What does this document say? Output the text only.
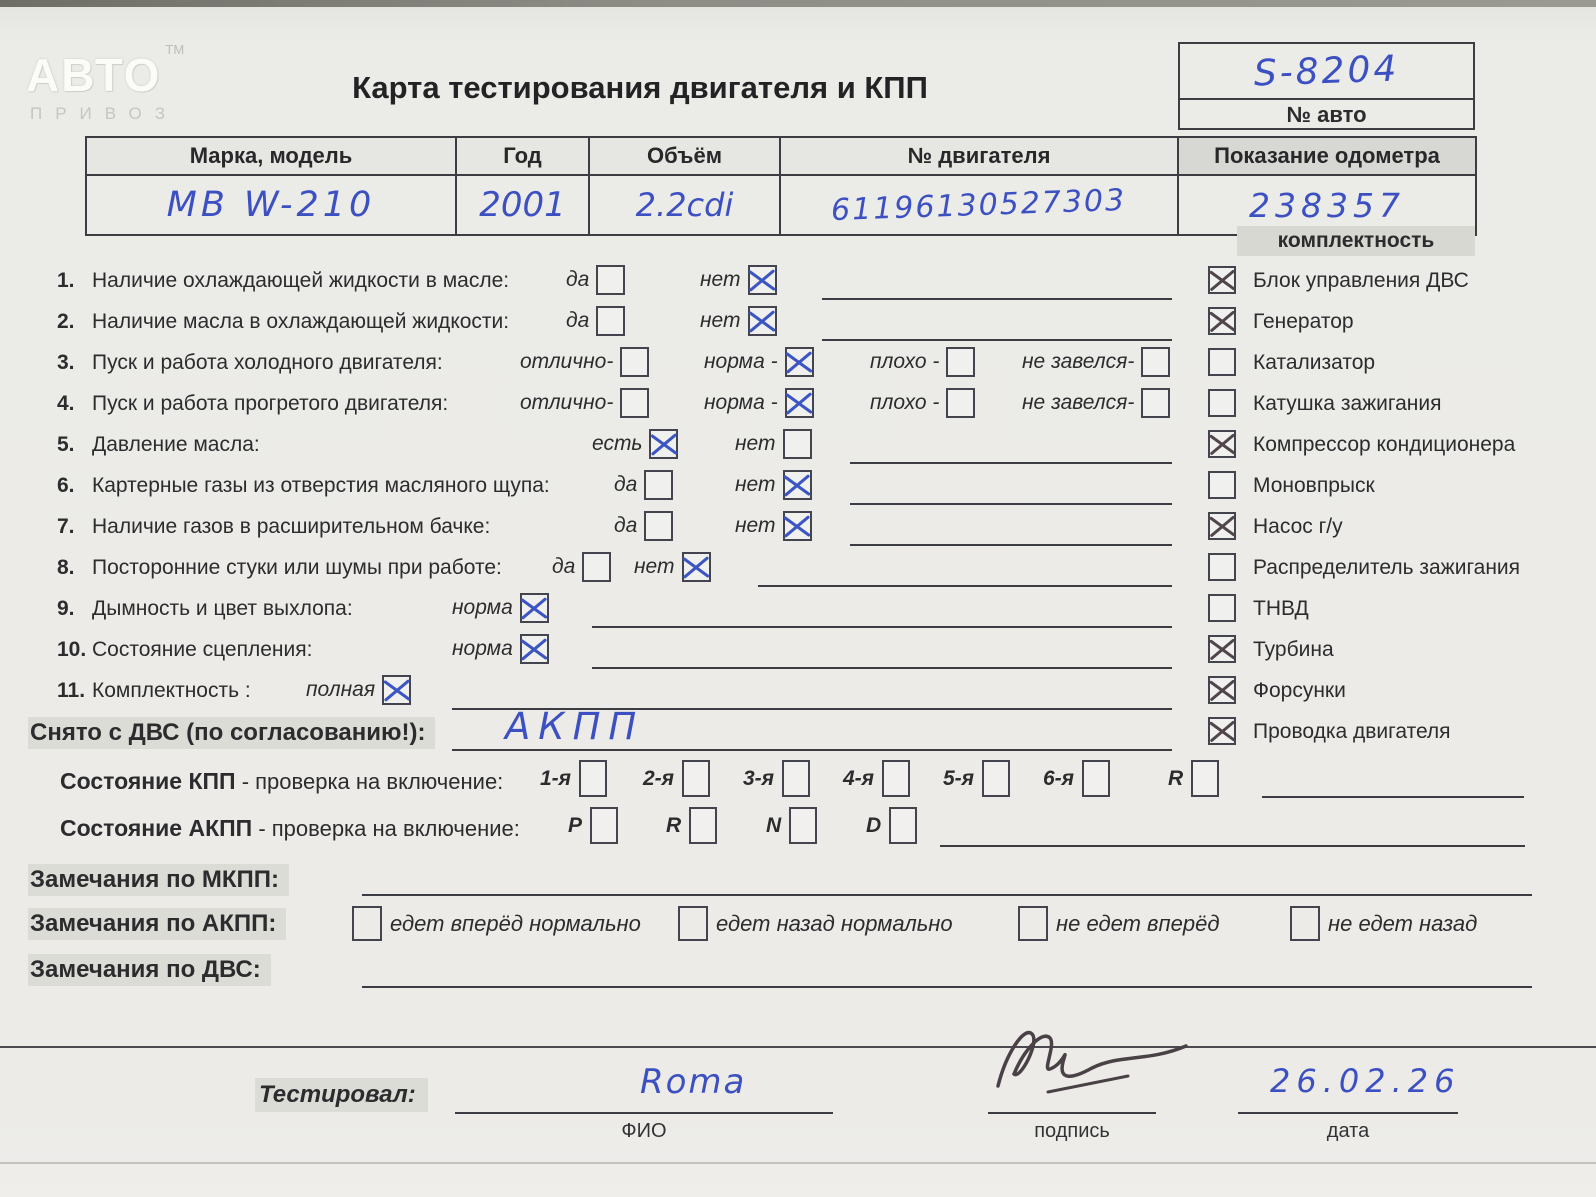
АВТО $^{ТМ}$
ПРИВОЗ
Карта тестирования двигателя и КПП	S-8204
№ авто
Марка, модель	Год	Объём	№ двигателя	Показание одометра
МВ W-210	2001	2.2cdi	61196130527303	238357
комплектность
1. Наличие охлаждающей жидкости в масле:	да	нет
2. Наличие масла в охлаждающей жидкости:	да	нет
3. Пуск и работа холодного двигателя:	отлично-	норма -	плохо -	не завелся-
4. Пуск и работа прогретого двигателя:	отлично-	норма -	плохо -	не завелся-
5. Давление масла:	есть	нет
6. Картерные газы из отверстия масляного щупа:	да	нет
7. Наличие газов в расширительном бачке:	да	нет
8. Посторонние стуки или шумы при работе: да	нет
9. Дымность и цвет выхлопа:	норма
10. Состояние сцепления:	норма
11. Комплектность :	полная
Снято с ДВС (по согласованию!): АКПП
Блок управления ДВС
Генератор
Катализатор
Катушка зажигания
Компрессор кондиционера
Моновпрыск
Насос г/у
Распределитель зажигания
ТНВД
Турбина
Форсунки
Проводка двигателя
Состояние КПП - проверка на включение: 1-я	2-я	3-я	4-я	5-я	6-я	R
Состояние АКПП - проверка на включение: P	R	N	D
Замечания по МКПП:
Замечания по АКПП:	едет вперёд нормально	едет назад нормально	не едет вперёд	не едет назад
Замечания по ДВС:
Тестировал:	Roma
ФИО	подпись
26.02.26
дата
